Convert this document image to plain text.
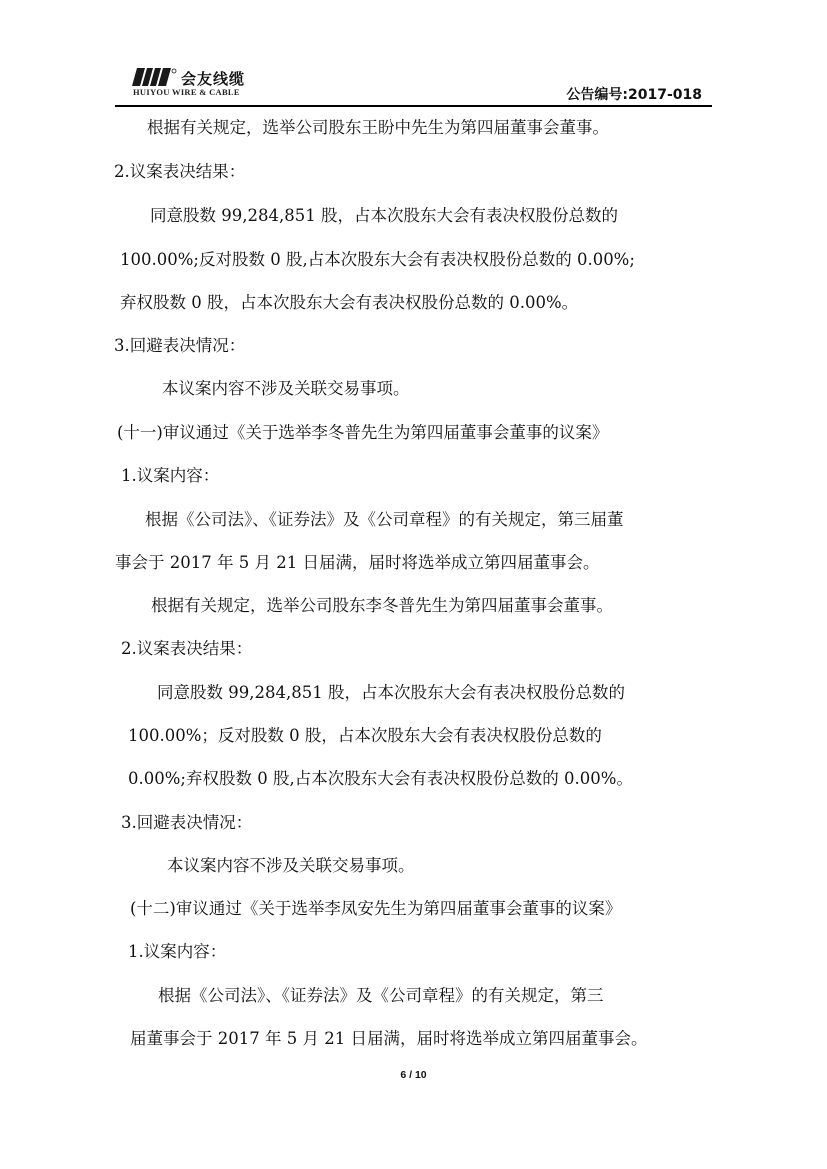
会友线缆
HUIYOU WIRE & CABLE	公告编号:2017-018
根据有关规定，选举公司股东王盼中先生为第四届董事会董事。
2.议案表决结果：
同意股数 99,284,851 股，占本次股东大会有表决权股份总数的
100.00%;反对股数 0 股,占本次股东大会有表决权股份总数的 0.00%;
弃权股数 0 股，占本次股东大会有表决权股份总数的 0.00%。
3.回避表决情况：
本议案内容不涉及关联交易事项。
(十一)审议通过《关于选举李冬普先生为第四届董事会董事的议案》
1.议案内容：
根据《公司法》、《证券法》及《公司章程》的有关规定，第三届董
事会于 2017 年 5 月 21 日届满，届时将选举成立第四届董事会。
根据有关规定，选举公司股东李冬普先生为第四届董事会董事。
2.议案表决结果：
同意股数 99,284,851 股，占本次股东大会有表决权股份总数的
100.00%；反对股数 0 股，占本次股东大会有表决权股份总数的
0.00%;弃权股数 0 股,占本次股东大会有表决权股份总数的 0.00%。
3.回避表决情况：
本议案内容不涉及关联交易事项。
(十二)审议通过《关于选举李凤安先生为第四届董事会董事的议案》
1.议案内容：
根据《公司法》、《证券法》及《公司章程》的有关规定，第三
届董事会于 2017 年 5 月 21 日届满，届时将选举成立第四届董事会。
6 / 10
